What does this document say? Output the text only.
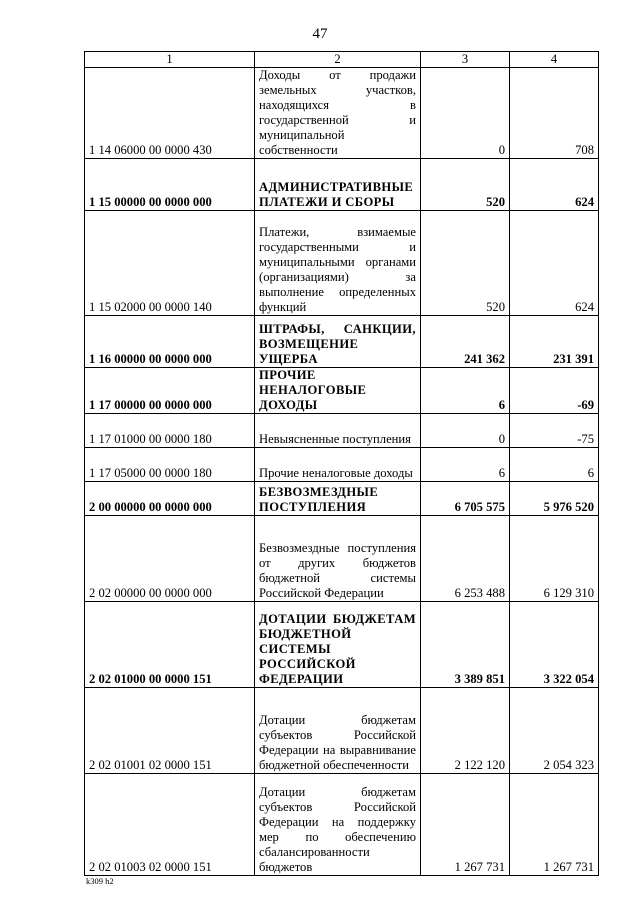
47
1	2	3	4
1 14 06000 00 0000 430	Доходы от продажи земельных участков, находящихся в государственной и муниципальной собственности	0	708
1 15 00000 00 0000 000	АДМИНИСТРАТИВНЫЕ ПЛАТЕЖИ И СБОРЫ	520	624
1 15 02000 00 0000 140	Платежи, взимаемые государственными и муниципальными органами (организациями) за выполнение определенных функций	520	624
1 16 00000 00 0000 000	ШТРАФЫ, САНКЦИИ, ВОЗМЕЩЕНИЕ УЩЕРБА	241 362	231 391
1 17 00000 00 0000 000	ПРОЧИЕ НЕНАЛОГОВЫЕ ДОХОДЫ	6	-69
1 17 01000 00 0000 180	Невыясненные поступления	0	-75
1 17 05000 00 0000 180	Прочие неналоговые доходы	6	6
2 00 00000 00 0000 000	БЕЗВОЗМЕЗДНЫЕ ПОСТУПЛЕНИЯ	6 705 575	5 976 520
2 02 00000 00 0000 000	Безвозмездные поступления от других бюджетов бюджетной системы Российской Федерации	6 253 488	6 129 310
2 02 01000 00 0000 151	ДОТАЦИИ БЮДЖЕТАМ БЮДЖЕТНОЙ СИСТЕМЫ РОССИЙСКОЙ ФЕДЕРАЦИИ	3 389 851	3 322 054
2 02 01001 02 0000 151	Дотации бюджетам субъектов Российской Федерации на выравнивание бюджетной обеспеченности	2 122 120	2 054 323
2 02 01003 02 0000 151	Дотации бюджетам субъектов Российской Федерации на поддержку мер по обеспечению сбалансированности бюджетов	1 267 731	1 267 731
k309 h2
